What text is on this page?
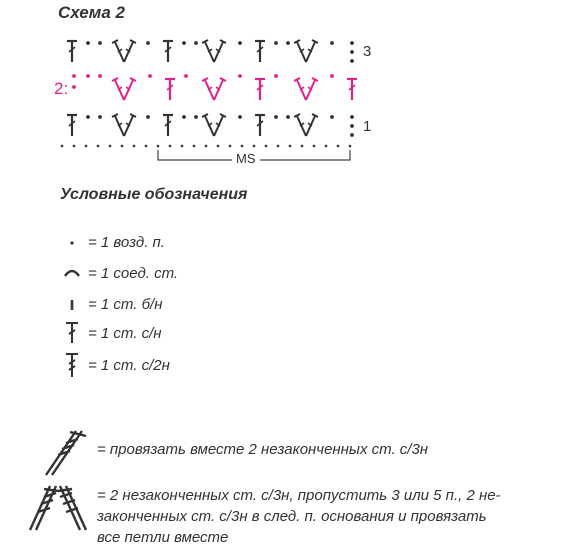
Схема 2
3
2:
1
MS
Условные обозначения
= 1 возд. п.
= 1 соед. ст.
= 1 ст. б/н
= 1 ст. с/н
= 1 ст. с/2н
= провязать вместе 2 незаконченных ст. с/3н
= 2 незаконченных ст. с/3н, пропустить 3 или 5 п., 2 не-
законченных ст. с/3н в след. п. основания и провязать
все петли вместе
